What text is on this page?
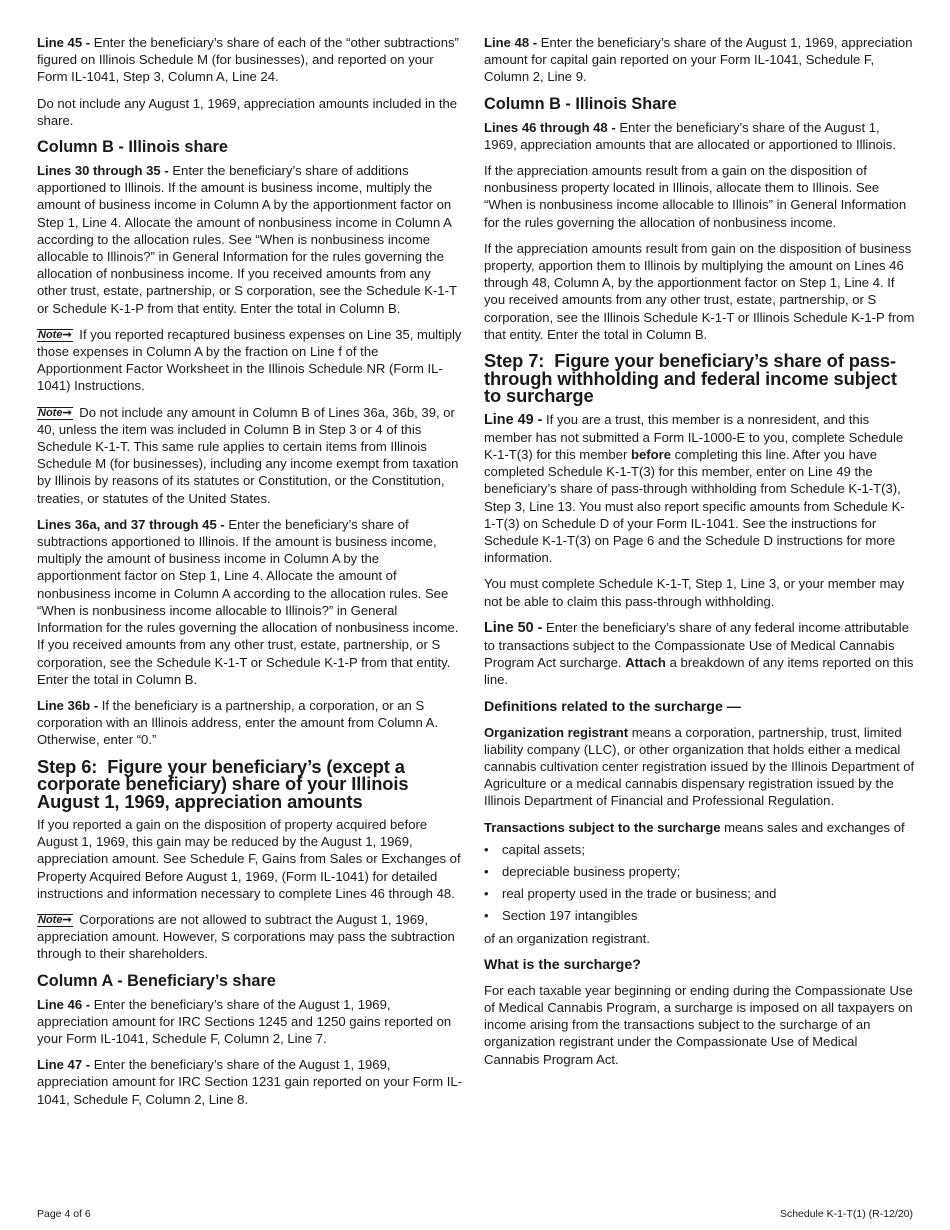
Line 45 - Enter the beneficiary’s share of each of the “other subtractions” figured on Illinois Schedule M (for businesses), and reported on your Form IL-1041, Step 3, Column A, Line 24.

Do not include any August 1, 1969, appreciation amounts included in the share.

Column B - Illinois share

Lines 30 through 35 - Enter the beneficiary’s share of additions apportioned to Illinois. If the amount is business income, multiply the amount of business income in Column A by the apportionment factor on Step 1, Line 4. Allocate the amount of nonbusiness income in Column A according to the allocation rules. See “When is nonbusiness income allocable to Illinois?” in General Information for the rules governing the allocation of nonbusiness income. If you received amounts from any other trust, estate, partnership, or S corporation, see the Schedule K-1-T or Schedule K-1-P from that entity. Enter the total in Column B.

Note➞ If you reported recaptured business expenses on Line 35, multiply those expenses in Column A by the fraction on Line f of the Apportionment Factor Worksheet in the Illinois Schedule NR (Form IL-1041) Instructions.

Note➞ Do not include any amount in Column B of Lines 36a, 36b, 39, or 40, unless the item was included in Column B in Step 3 or 4 of this Schedule K-1-T. This same rule applies to certain items from Illinois Schedule M (for businesses), including any income exempt from taxation by Illinois by reasons of its statutes or Constitution, or the Constitution, treaties, or statutes of the United States.

Lines 36a, and 37 through 45 - Enter the beneficiary’s share of subtractions apportioned to Illinois. If the amount is business income, multiply the amount of business income in Column A by the apportionment factor on Step 1, Line 4. Allocate the amount of nonbusiness income in Column A according to the allocation rules. See “When is nonbusiness income allocable to Illinois?” in General Information for the rules governing the allocation of nonbusiness income. If you received amounts from any other trust, estate, partnership, or S corporation, see the Schedule K-1-T or Schedule K-1-P from that entity. Enter the total in Column B.

Line 36b - If the beneficiary is a partnership, a corporation, or an S corporation with an Illinois address, enter the amount from Column A. Otherwise, enter “0.”

Step 6:  Figure your beneficiary’s (except a corporate beneficiary) share of your Illinois August 1, 1969, appreciation amounts

If you reported a gain on the disposition of property acquired before August 1, 1969, this gain may be reduced by the August 1, 1969, appreciation amount. See Schedule F, Gains from Sales or Exchanges of Property Acquired Before August 1, 1969, (Form IL-1041) for detailed instructions and information necessary to complete Lines 46 through 48.

Note➞ Corporations are not allowed to subtract the August 1, 1969, appreciation amount. However, S corporations may pass the subtraction through to their shareholders.

Column A - Beneficiary’s share

Line 46 - Enter the beneficiary’s share of the August 1, 1969, appreciation amount for IRC Sections 1245 and 1250 gains reported on your Form IL-1041, Schedule F, Column 2, Line 7.

Line 47 - Enter the beneficiary’s share of the August 1, 1969, appreciation amount for IRC Section 1231 gain reported on your Form IL-1041, Schedule F, Column 2, Line 8.

Line 48 - Enter the beneficiary’s share of the August 1, 1969, appreciation amount for capital gain reported on your Form IL-1041, Schedule F, Column 2, Line 9.

Column B - Illinois Share

Lines 46 through 48 - Enter the beneficiary’s share of the August 1, 1969, appreciation amounts that are allocated or apportioned to Illinois.

If the appreciation amounts result from a gain on the disposition of nonbusiness property located in Illinois, allocate them to Illinois. See “When is nonbusiness income allocable to Illinois” in General Information for the rules governing the allocation of nonbusiness income.

If the appreciation amounts result from gain on the disposition of business property, apportion them to Illinois by multiplying the amount on Lines 46 through 48, Column A, by the apportionment factor on Step 1, Line 4. If you received amounts from any other trust, estate, partnership, or S corporation, see the Illinois Schedule K-1-T or Illinois Schedule K-1-P from that entity. Enter the total in Column B.

Step 7:  Figure your beneficiary’s share of pass-through withholding and federal income subject to surcharge

Line 49 - If you are a trust, this member is a nonresident, and this member has not submitted a Form IL-1000-E to you, complete Schedule K-1-T(3) for this member before completing this line. After you have completed Schedule K-1-T(3) for this member, enter on Line 49 the beneficiary’s share of pass-through withholding from Schedule K-1-T(3), Step 3, Line 13. You must also report specific amounts from Schedule K-1-T(3) on Schedule D of your Form IL-1041. See the instructions for Schedule K-1-T(3) on Page 6 and the Schedule D instructions for more information.

You must complete Schedule K-1-T, Step 1, Line 3, or your member may not be able to claim this pass-through withholding.

Line 50 - Enter the beneficiary’s share of any federal income attributable to transactions subject to the Compassionate Use of Medical Cannabis Program Act surcharge. Attach a breakdown of any items reported on this line.

Definitions related to the surcharge —

Organization registrant means a corporation, partnership, trust, limited liability company (LLC), or other organization that holds either a medical cannabis cultivation center registration issued by the Illinois Department of Agriculture or a medical cannabis dispensary registration issued by the Illinois Department of Financial and Professional Regulation.

Transactions subject to the surcharge means sales and exchanges of

• capital assets;
• depreciable business property;
• real property used in the trade or business; and
• Section 197 intangibles

of an organization registrant.

What is the surcharge?

For each taxable year beginning or ending during the Compassionate Use of Medical Cannabis Program, a surcharge is imposed on all taxpayers on income arising from the transactions subject to the surcharge of an organization registrant under the Compassionate Use of Medical Cannabis Program Act.

Page 4 of 6	Schedule K-1-T(1) (R-12/20)
